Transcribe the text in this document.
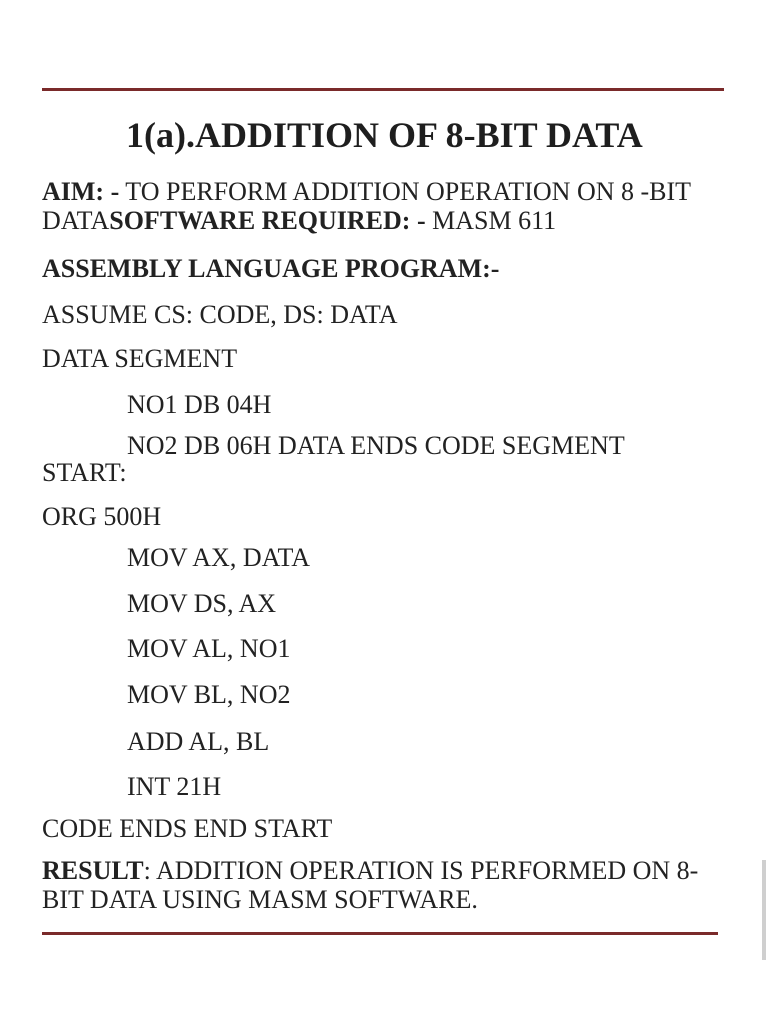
1(a).ADDITION OF 8-BIT DATA
AIM: - TO PERFORM ADDITION OPERATION ON 8 -BIT DATASOFTWARE REQUIRED: - MASM 611
ASSEMBLY LANGUAGE PROGRAM:-
ASSUME CS: CODE, DS: DATA
DATA SEGMENT
NO1 DB 04H
NO2 DB 06H DATA ENDS CODE SEGMENT
START:
ORG 500H
MOV AX, DATA
MOV DS, AX
MOV AL, NO1
MOV BL, NO2
ADD AL, BL
INT 21H
CODE ENDS END START
RESULT: ADDITION OPERATION IS PERFORMED ON 8-BIT DATA USING MASM SOFTWARE.
